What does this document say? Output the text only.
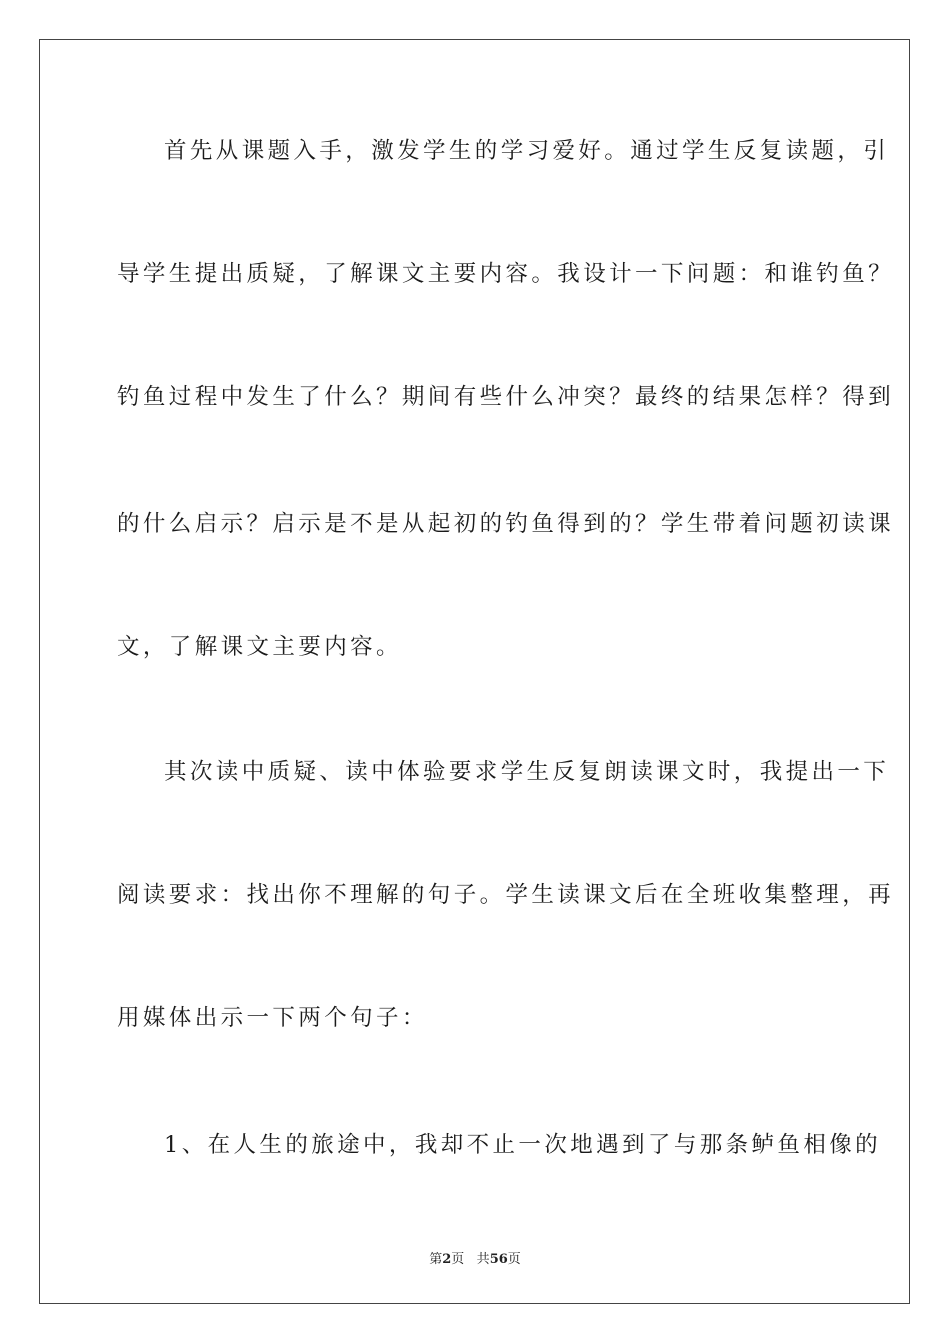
首先从课题入手，激发学生的学习爱好。通过学生反复读题，引
导学生提出质疑，了解课文主要内容。我设计一下问题：和谁钓鱼？
钓鱼过程中发生了什么？期间有些什么冲突？最终的结果怎样？得到
的什么启示？启示是不是从起初的钓鱼得到的？学生带着问题初读课
文，了解课文主要内容。
其次读中质疑、读中体验要求学生反复朗读课文时，我提出一下
阅读要求：找出你不理解的句子。学生读课文后在全班收集整理，再
用媒体出示一下两个句子：
1、在人生的旅途中，我却不止一次地遇到了与那条鲈鱼相像的
第2页 共56页
